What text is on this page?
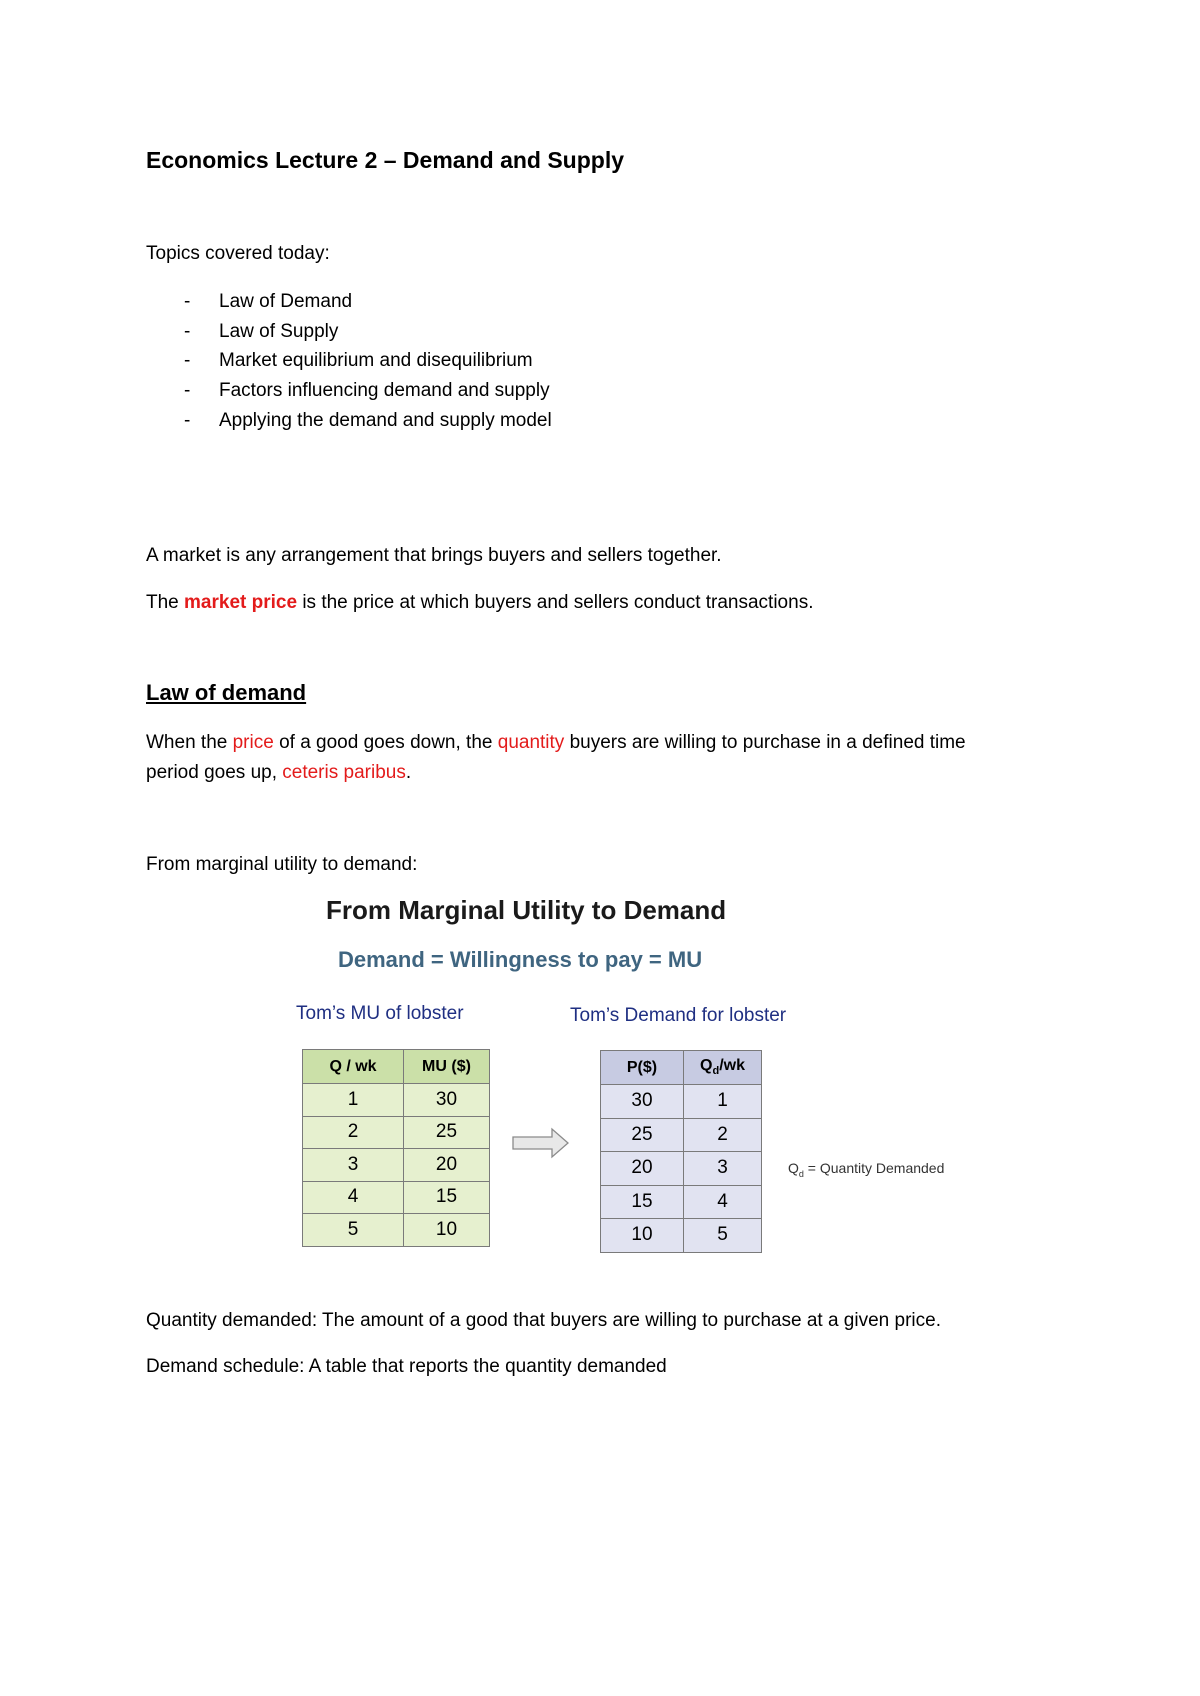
Economics Lecture 2 – Demand and Supply
Topics covered today:
- Law of Demand
- Law of Supply
- Market equilibrium and disequilibrium
- Factors influencing demand and supply
- Applying the demand and supply model
A market is any arrangement that brings buyers and sellers together.
The market price is the price at which buyers and sellers conduct transactions.
Law of demand
When the price of a good goes down, the quantity buyers are willing to purchase in a defined time
period goes up, ceteris paribus.
From marginal utility to demand:
From Marginal Utility to Demand
Demand = Willingness to pay = MU
Tom’s MU of lobster	Tom’s Demand for lobster
Q / wk	MU ($)
1	30
2	25
3	20
4	15
5	10
P($)	$Q_d/wk$
30	1
25	2
20	3
15	4
10	5
$Q_d$ = Quantity Demanded
Quantity demanded: The amount of a good that buyers are willing to purchase at a given price.
Demand schedule: A table that reports the quantity demanded
